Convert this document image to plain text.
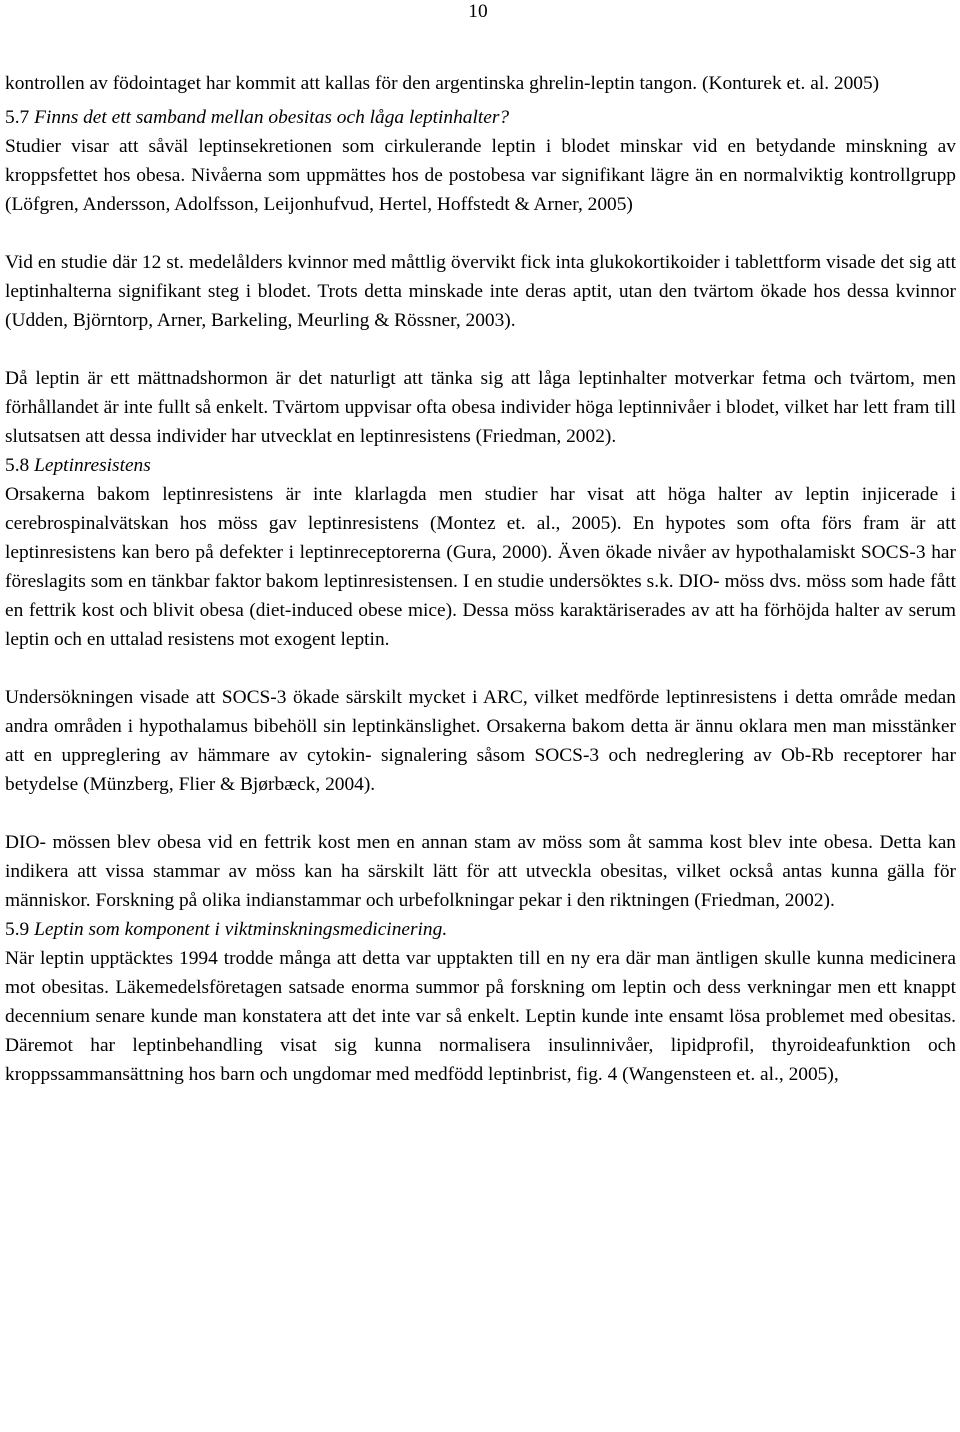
10

kontrollen av födointaget har kommit att kallas för den argentinska ghrelin-leptin tangon. (Konturek et. al. 2005)

5.7 Finns det ett samband mellan obesitas och låga leptinhalter?

Studier visar att såväl leptinsekretionen som cirkulerande leptin i blodet minskar vid en betydande minskning av kroppsfettet hos obesa. Nivåerna som uppmättes hos de postobesa var signifikant lägre än en normalviktig kontrollgrupp (Löfgren, Andersson, Adolfsson, Leijonhufvud, Hertel, Hoffstedt & Arner, 2005)

Vid en studie där 12 st. medelålders kvinnor med måttlig övervikt fick inta glukokortikoider i tablettform visade det sig att leptinhalterna signifikant steg i blodet. Trots detta minskade inte deras aptit, utan den tvärtom ökade hos dessa kvinnor (Udden, Björntorp, Arner, Barkeling, Meurling & Rössner, 2003).

Då leptin är ett mättnadshormon är det naturligt att tänka sig att låga leptinhalter motverkar fetma och tvärtom, men förhållandet är inte fullt så enkelt. Tvärtom uppvisar ofta obesa individer höga leptinnivåer i blodet, vilket har lett fram till slutsatsen att dessa individer har utvecklat en leptinresistens (Friedman, 2002).

5.8 Leptinresistens

Orsakerna bakom leptinresistens är inte klarlagda men studier har visat att höga halter av leptin injicerade i cerebrospinalvätskan hos möss gav leptinresistens (Montez et. al., 2005). En hypotes som ofta förs fram är att leptinresistens kan bero på defekter i leptinreceptorerna (Gura, 2000). Även ökade nivåer av hypothalamiskt SOCS-3 har föreslagits som en tänkbar faktor bakom leptinresistensen. I en studie undersöktes s.k. DIO- möss dvs. möss som hade fått en fettrik kost och blivit obesa (diet-induced obese mice). Dessa möss karaktäriserades av att ha förhöjda halter av serum leptin och en uttalad resistens mot exogent leptin.

Undersökningen visade att SOCS-3 ökade särskilt mycket i ARC, vilket medförde leptinresistens i detta område medan andra områden i hypothalamus bibehöll sin leptinkänslighet. Orsakerna bakom detta är ännu oklara men man misstänker att en uppreglering av hämmare av cytokin- signalering såsom SOCS-3 och nedreglering av Ob-Rb receptorer har betydelse (Münzberg, Flier & Bjørbæck, 2004).

DIO- mössen blev obesa vid en fettrik kost men en annan stam av möss som åt samma kost blev inte obesa. Detta kan indikera att vissa stammar av möss kan ha särskilt lätt för att utveckla obesitas, vilket också antas kunna gälla för människor. Forskning på olika indianstammar och urbefolkningar pekar i den riktningen (Friedman, 2002).

5.9 Leptin som komponent i viktminskningsmedicinering.

När leptin upptäcktes 1994 trodde många att detta var upptakten till en ny era där man äntligen skulle kunna medicinera mot obesitas. Läkemedelsföretagen satsade enorma summor på forskning om leptin och dess verkningar men ett knappt decennium senare kunde man konstatera att det inte var så enkelt. Leptin kunde inte ensamt lösa problemet med obesitas. Däremot har leptinbehandling visat sig kunna normalisera insulinnivåer, lipidprofil, thyroideafunktion och kroppssammansättning hos barn och ungdomar med medfödd leptinbrist, fig. 4 (Wangensteen et. al., 2005),
